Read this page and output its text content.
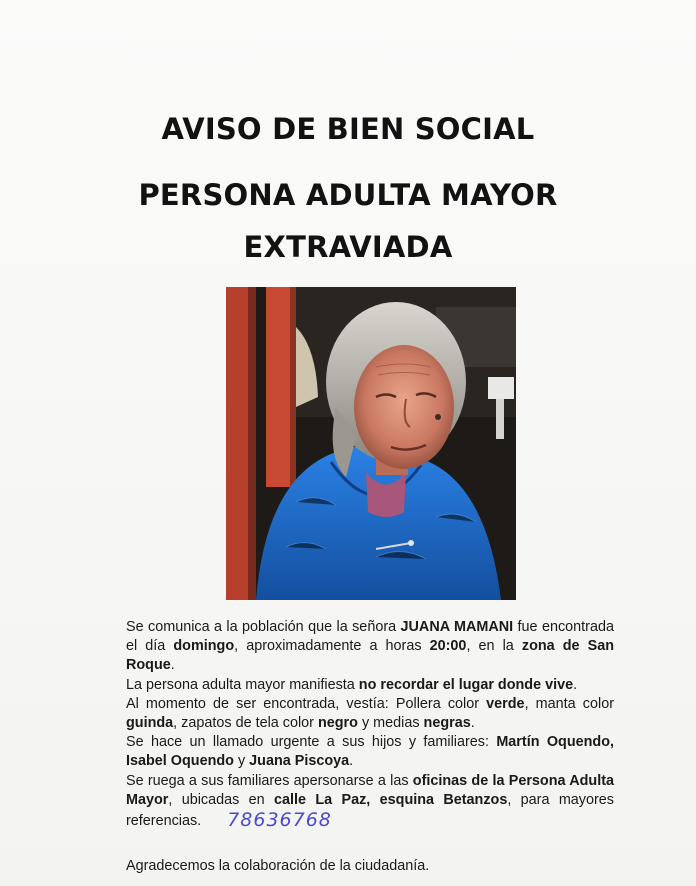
AVISO DE BIEN SOCIAL
PERSONA ADULTA MAYOR
EXTRAVIADA

Se comunica a la población que la señora JUANA MAMANI fue encontrada el día domingo, aproximadamente a horas 20:00, en la zona de San Roque.

La persona adulta mayor manifiesta no recordar el lugar donde vive.

Al momento de ser encontrada, vestía: Pollera color verde, manta color guinda, zapatos de tela color negro y medias negras.

Se hace un llamado urgente a sus hijos y familiares: Martín Oquendo, Isabel Oquendo y Juana Piscoya.

Se ruega a sus familiares apersonarse a las oficinas de la Persona Adulta Mayor, ubicadas en calle La Paz, esquina Betanzos, para mayores referencias. 78636768

Agradecemos la colaboración de la ciudadanía.
